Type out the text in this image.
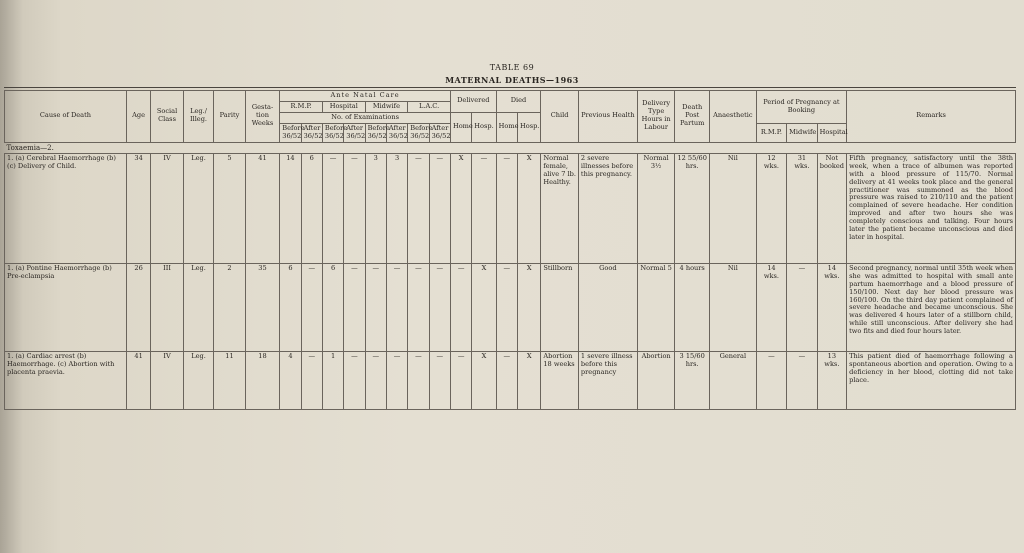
TABLE 69
MATERNAL DEATHS—1963
Cause of Death	Age	Social Class	Leg./ Illeg.	Parity	Gesta- tion Weeks	Ante Natal Care								Delivered		Died		Child	Previous Health	Delivery Type Hours in Labour	Death Post Partum	Anaesthetic	Period of Pregnancy at Booking			Remarks
						R.M.P.		Hospital		Midwife		L.A.C.														
						No. of Examinations								Home	Hosp.	Home	Hosp.									
						Before 36/52	After 36/52	Before 36/52	After 36/52	Before 36/52	After 36/52	Before 36/52	After 36/52										R.M.P.	Midwife	Hospital	
Toxaemia—2.																										
1. (a) Cerebral Haemorrhage (b) (c) Delivery of Child.	34	IV	Leg.	5	41	14	6	—	—	3	3	—	—	X	—	—	X	Normal female, alive 7 lb. Healthy.	2 severe illnesses before this pregnancy.	Normal 3½	12 55/60 hrs.	Nil	12 wks.	31 wks.	Not booked	Fifth pregnancy, satisfactory until the 38th week, when a trace of albumen was reported with a blood pressure of 115/70. Normal delivery at 41 weeks took place and the general practitioner was summoned as the blood pressure was raised to 210/110 and the patient complained of severe headache. Her condition improved and after two hours she was completely conscious and talking. Four hours later the patient became unconscious and died later in hospital.
1. (a) Pontine Haemorrhage (b) Pre-eclampsia	26	III	Leg.	2	35	6	—	6	—	—	—	—	—	—	X	—	X	Stillborn	Good	Normal 5	4 hours	Nil	14 wks.	—	14 wks.	Second pregnancy, normal until 35th week when she was admitted to hospital with small ante partum haemorrhage and a blood pressure of 150/100. Next day her blood pressure was 160/100. On the third day patient complained of severe headache and became unconscious. She was delivered 4 hours later of a stillborn child, while still unconscious. After delivery she had two fits and died four hours later.
1. (a) Cardiac arrest (b) Haemorrhage. (c) Abortion with placenta praevia.	41	IV	Leg.	11	18	4	—	1	—	—	—	—	—	—	X	—	X	Abortion 18 weeks	1 severe illness before this pregnancy	Abortion	3 15/60 hrs.	General	—	—	13 wks.	This patient died of haemorrhage following a spontaneous abortion and operation. Owing to a deficiency in her blood, clotting did not take place.
